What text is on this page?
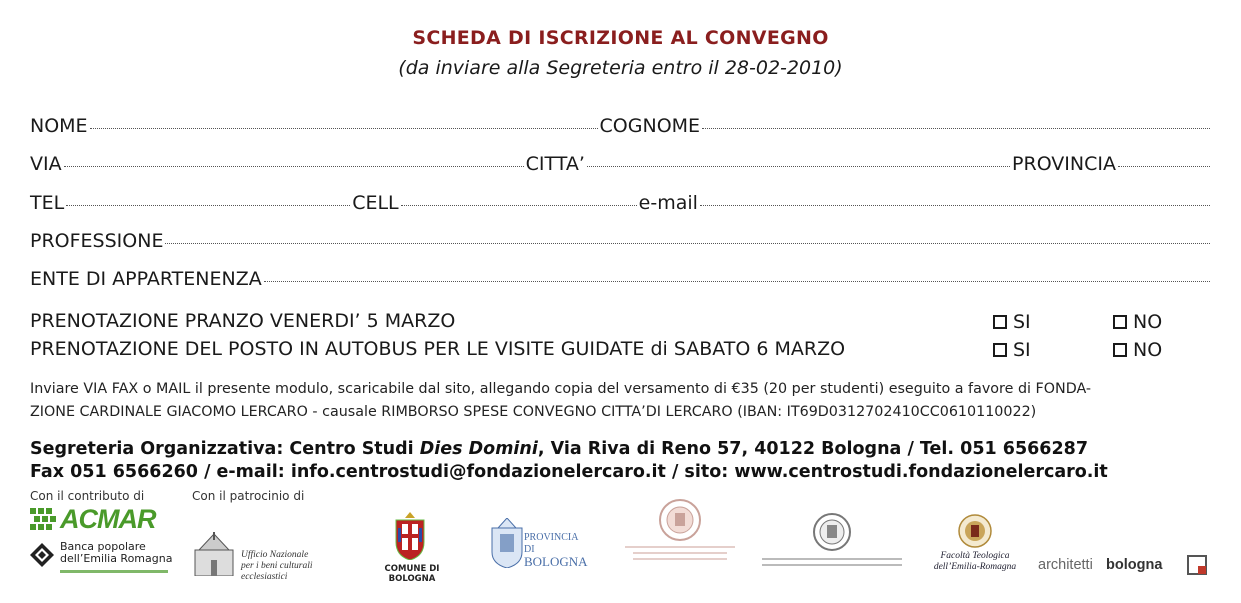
SCHEDA DI ISCRIZIONE AL CONVEGNO
(da inviare alla Segreteria entro il 28-02-2010)
NOME	COGNOME
VIA	CITTA’	PROVINCIA
TEL	CELL	e-mail
PROFESSIONE
ENTE DI APPARTENENZA
PRENOTAZIONE PRANZO VENERDI’ 5 MARZO	SI	NO
PRENOTAZIONE DEL POSTO IN AUTOBUS PER LE VISITE GUIDATE di SABATO 6 MARZO	SI	NO
Inviare VIA FAX o MAIL il presente modulo, scaricabile dal sito, allegando copia del versamento di €35 (20 per studenti) eseguito a favore di FONDA-
ZIONE CARDINALE GIACOMO LERCARO - causale RIMBORSO SPESE CONVEGNO CITTA’DI LERCARO (IBAN: IT69D0312702410CC0610110022)
Segreteria Organizzativa: Centro Studi Dies Domini, Via Riva di Reno 57, 40122 Bologna / Tel. 051 6566287
Fax 051 6566260 / e-mail: info.centrostudi@fondazionelercaro.it / sito: www.centrostudi.fondazionelercaro.it
Con il contributo di	Con il patrocinio di
ACMAR
Banca popolare
dell’Emilia Romagna	Ufficio Nazionale
per i beni culturali ecclesiastici
COMUNE DI BOLOGNA
PROVINCIA DI
BOLOGNA	Facoltà Teologica
dell’Emilia-Romagna	architetti bologna
